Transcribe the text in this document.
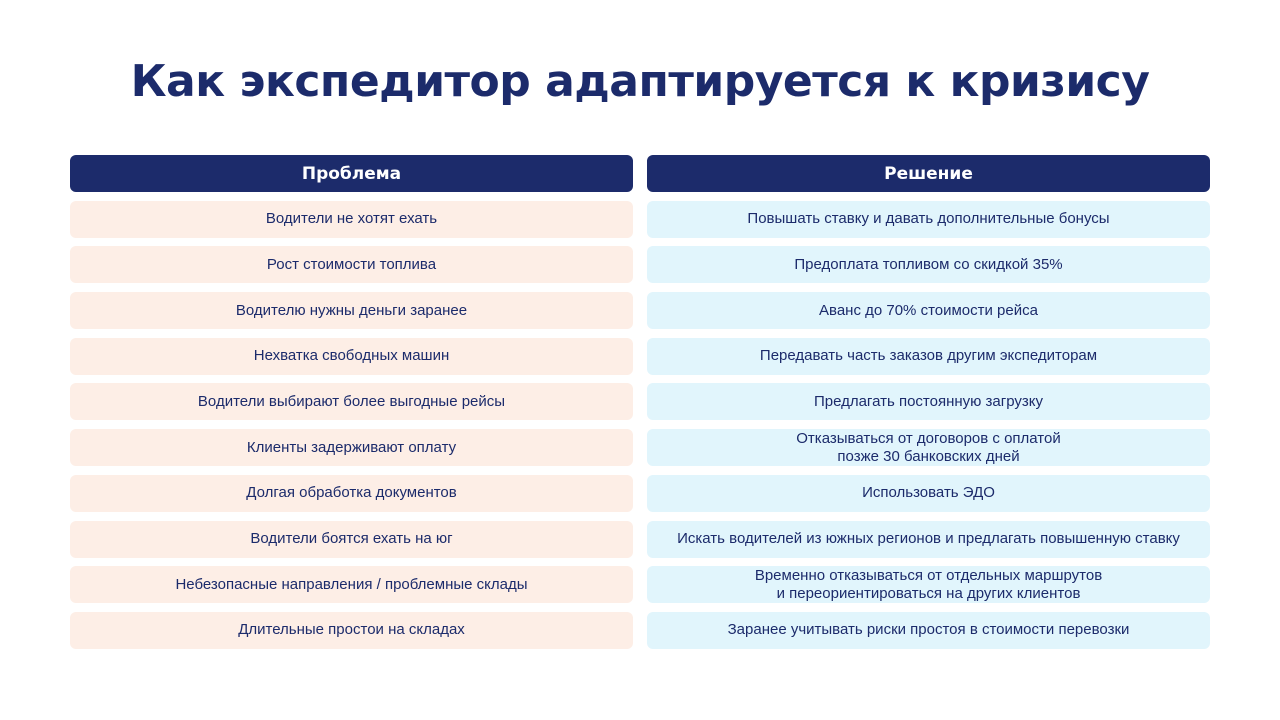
Как экспедитор адаптируется к кризису
Проблема
Водители не хотят ехать
Рост стоимости топлива
Водителю нужны деньги заранее
Нехватка свободных машин
Водители выбирают более выгодные рейсы
Клиенты задерживают оплату
Долгая обработка документов
Водители боятся ехать на юг
Небезопасные направления / проблемные склады
Длительные простои на складах
Решение
Повышать ставку и давать дополнительные бонусы
Предоплата топливом со скидкой 35%
Аванс до 70% стоимости рейса
Передавать часть заказов другим экспедиторам
Предлагать постоянную загрузку
Отказываться от договоров с оплатой
позже 30 банковских дней
Использовать ЭДО
Искать водителей из южных регионов и предлагать повышенную ставку
Временно отказываться от отдельных маршрутов
и переориентироваться на других клиентов
Заранее учитывать риски простоя в стоимости перевозки
